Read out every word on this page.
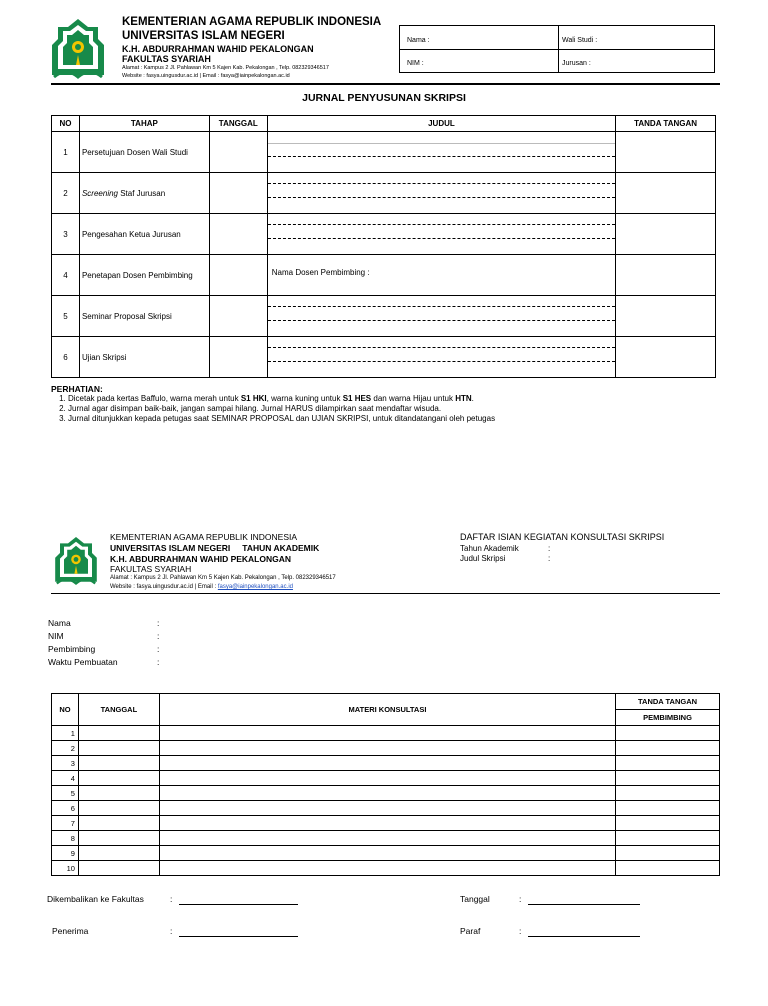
KEMENTERIAN AGAMA REPUBLIK INDONESIA
UNIVERSITAS ISLAM NEGERI
K.H. ABDURRAHMAN WAHID PEKALONGAN
FAKULTAS SYARIAH
Alamat : Kampus 2 Jl. Pahlawan Km 5 Kajen Kab. Pekalongan , Telp. 082329346517
Website : fasya.uingusdur.ac.id | Email : fasya@iainpekalongan.ac.id
Nama :	Wali Studi :
NIM :	Jurusan :
JURNAL PENYUSUNAN SKRIPSI
NO	TAHAP	TANGGAL	JUDUL	TANDA TANGAN
1	Persetujuan Dosen Wali Studi		

2	Screening Staf Jurusan		

3	Pengesahan Ketua Jurusan		

4	Penetapan Dosen Pembimbing		Nama Dosen Pembimbing :	

5	Seminar Proposal Skripsi		

6	Ujian Skripsi		

PERHATIAN:
1. Dicetak pada kertas Baffulo, warna merah untuk S1 HKI, warna kuning untuk S1 HES dan warna Hijau untuk HTN.
2. Jurnal agar disimpan baik-baik, jangan sampai hilang. Jurnal HARUS dilampirkan saat mendaftar wisuda.
3. Jurnal ditunjukkan kepada petugas saat SEMINAR PROPOSAL dan UJIAN SKRIPSI, untuk ditandatangani oleh petugas
KEMENTERIAN AGAMA REPUBLIK INDONESIA
UNIVERSITAS ISLAM NEGERI TAHUN AKADEMIK
K.H. ABDURRAHMAN WAHID PEKALONGAN
FAKULTAS SYARIAH
Alamat : Kampus 2 Jl. Pahlawan Km 5 Kajen Kab. Pekalongan , Telp. 082329346517
Website : fasya.uingusdur.ac.id | Email : fasya@iainpekalongan.ac.id
DAFTAR ISIAN KEGIATAN KONSULTASI SKRIPSI
Tahun Akademik	:
Judul Skripsi	:
Nama	:
NIM	:
Pembimbing	:
Waktu Pembuatan	:
NO	TANGGAL	MATERI KONSULTASI	TANDA TANGAN
			PEMBIMBING
1			
2			
3			
4			
5			
6			
7			
8			
9			
10			
Dikembalikan ke Fakultas	:	Tanggal	:
Penerima	:	Paraf	:
